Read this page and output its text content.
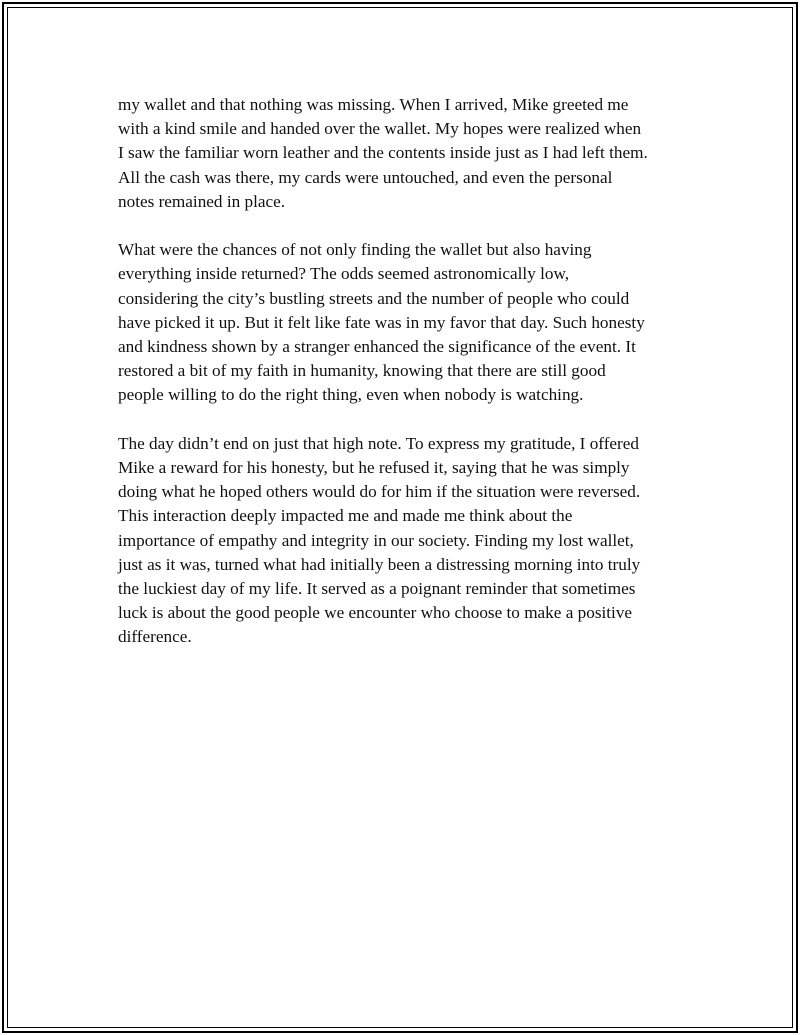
my wallet and that nothing was missing. When I arrived, Mike greeted me
with a kind smile and handed over the wallet. My hopes were realized when
I saw the familiar worn leather and the contents inside just as I had left them.
All the cash was there, my cards were untouched, and even the personal
notes remained in place.

What were the chances of not only finding the wallet but also having
everything inside returned? The odds seemed astronomically low,
considering the city’s bustling streets and the number of people who could
have picked it up. But it felt like fate was in my favor that day. Such honesty
and kindness shown by a stranger enhanced the significance of the event. It
restored a bit of my faith in humanity, knowing that there are still good
people willing to do the right thing, even when nobody is watching.

The day didn’t end on just that high note. To express my gratitude, I offered
Mike a reward for his honesty, but he refused it, saying that he was simply
doing what he hoped others would do for him if the situation were reversed.
This interaction deeply impacted me and made me think about the
importance of empathy and integrity in our society. Finding my lost wallet,
just as it was, turned what had initially been a distressing morning into truly
the luckiest day of my life. It served as a poignant reminder that sometimes
luck is about the good people we encounter who choose to make a positive
difference.
